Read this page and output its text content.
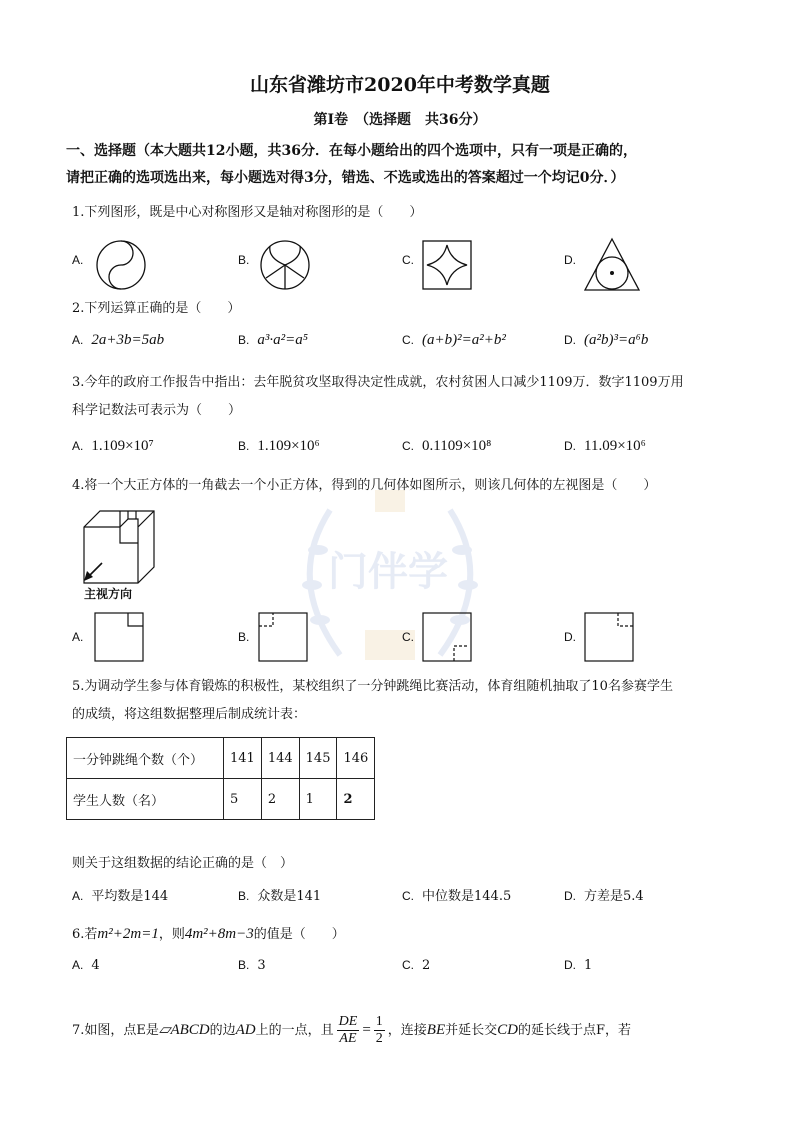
门伴学
山东省潍坊市2020年中考数学真题
第Ⅰ卷　（选择题　共36分）
一、选择题（本大题共12小题，共36分．在每小题给出的四个选项中，只有一项是正确的，
请把正确的选项选出来，每小题选对得3分，错选、不选或选出的答案超过一个均记0分．）
1.下列图形，既是中心对称图形又是轴对称图形的是（　　）
A.	B.	C.	D.
2.下列运算正确的是（　　）
A. 2a+3b=5ab	B. a³·a²=a⁵	C. (a+b)²=a²+b²	D. (a²b)³=a⁶b
3.今年的政府工作报告中指出：去年脱贫攻坚取得决定性成就，农村贫困人口减少1109万．数字1109万用
科学记数法可表示为（　　）
A. 1.109×10⁷	B. 1.109×10⁶	C. 0.1109×10⁸	D. 11.09×10⁶
4.将一个大正方体的一角截去一个小正方体，得到的几何体如图所示，则该几何体的左视图是（　　）
主视方向
A.	B.	C.	D.
5.为调动学生参与体育锻炼的积极性，某校组织了一分钟跳绳比赛活动，体育组随机抽取了10名参赛学生
的成绩，将这组数据整理后制成统计表：
一分钟跳绳个数（个）	141	144	145	146
学生人数（名）	5	2	1	2
则关于这组数据的结论正确的是（　）
A. 平均数是144	B. 众数是141	C. 中位数是144.5	D. 方差是5.4
6.若m²+2m=1，则4m²+8m−3的值是（　　）
A. 4	B. 3	C. 2	D. 1
7.如图，点E是▱ABCD的边AD上的一点，且 $\frac{DE}{AE} = \frac{1}{2}$ ，连接BE并延长交CD的延长线于点F，若
